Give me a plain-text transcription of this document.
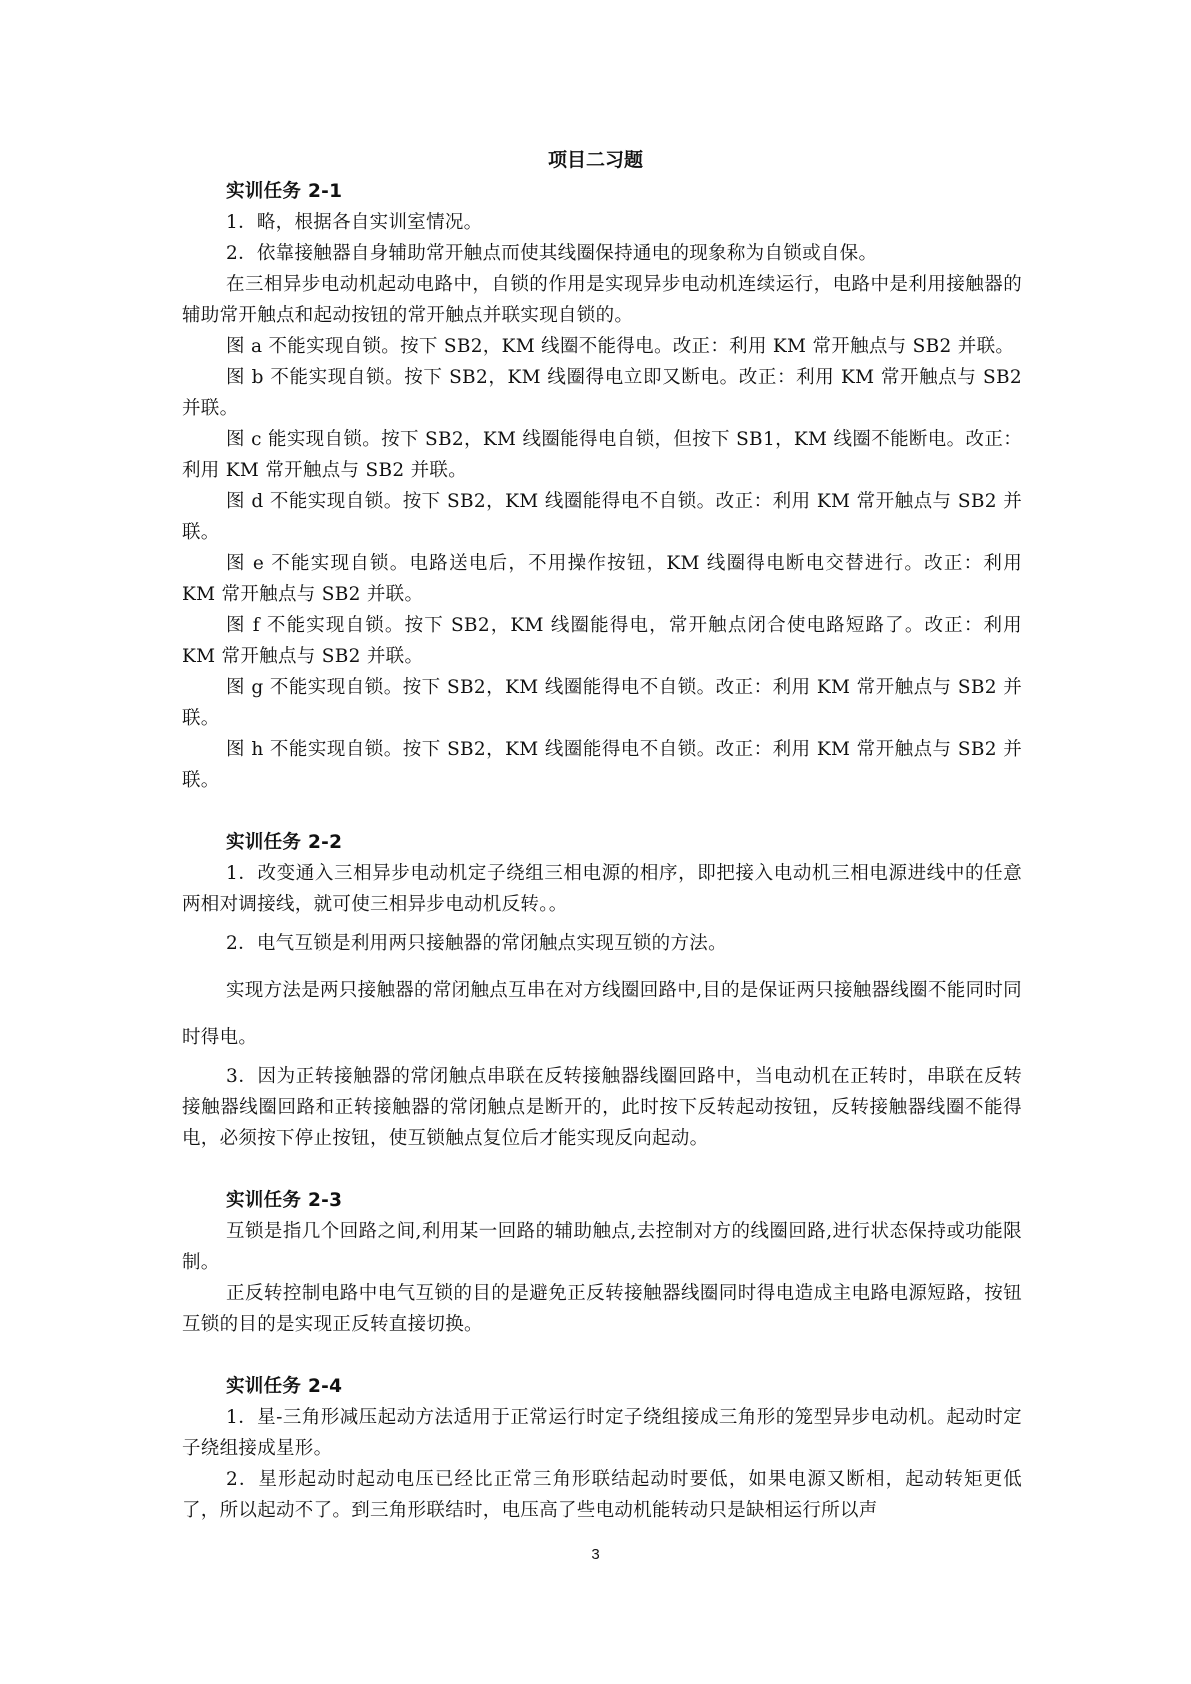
项目二习题

实训任务 2-1

1．略，根据各自实训室情况。

2．依靠接触器自身辅助常开触点而使其线圈保持通电的现象称为自锁或自保。

在三相异步电动机起动电路中，自锁的作用是实现异步电动机连续运行，电路中是利用接触器的辅助常开触点和起动按钮的常开触点并联实现自锁的。

图 a 不能实现自锁。按下 SB2，KM 线圈不能得电。改正：利用 KM 常开触点与 SB2 并联。

图 b 不能实现自锁。按下 SB2，KM 线圈得电立即又断电。改正：利用 KM 常开触点与 SB2 并联。

图 c 能实现自锁。按下 SB2，KM 线圈能得电自锁，但按下 SB1，KM 线圈不能断电。改正：利用 KM 常开触点与 SB2 并联。

图 d 不能实现自锁。按下 SB2，KM 线圈能得电不自锁。改正：利用 KM 常开触点与 SB2 并联。

图 e 不能实现自锁。电路送电后，不用操作按钮，KM 线圈得电断电交替进行。改正：利用 KM 常开触点与 SB2 并联。

图 f 不能实现自锁。按下 SB2，KM 线圈能得电，常开触点闭合使电路短路了。改正：利用 KM 常开触点与 SB2 并联。

图 g 不能实现自锁。按下 SB2，KM 线圈能得电不自锁。改正：利用 KM 常开触点与 SB2 并联。

图 h 不能实现自锁。按下 SB2，KM 线圈能得电不自锁。改正：利用 KM 常开触点与 SB2 并联。

实训任务 2-2

1．改变通入三相异步电动机定子绕组三相电源的相序，即把接入电动机三相电源进线中的任意两相对调接线，就可使三相异步电动机反转。。

2．电气互锁是利用两只接触器的常闭触点实现互锁的方法。

实现方法是两只接触器的常闭触点互串在对方线圈回路中,目的是保证两只接触器线圈不能同时同时得电。

3．因为正转接触器的常闭触点串联在反转接触器线圈回路中，当电动机在正转时，串联在反转接触器线圈回路和正转接触器的常闭触点是断开的，此时按下反转起动按钮，反转接触器线圈不能得电，必须按下停止按钮，使互锁触点复位后才能实现反向起动。

实训任务 2-3

互锁是指几个回路之间,利用某一回路的辅助触点,去控制对方的线圈回路,进行状态保持或功能限制。

正反转控制电路中电气互锁的目的是避免正反转接触器线圈同时得电造成主电路电源短路，按钮互锁的目的是实现正反转直接切换。

实训任务 2-4

1．星-三角形减压起动方法适用于正常运行时定子绕组接成三角形的笼型异步电动机。起动时定子绕组接成星形。

2．星形起动时起动电压已经比正常三角形联结起动时要低，如果电源又断相，起动转矩更低了，所以起动不了。到三角形联结时，电压高了些电动机能转动只是缺相运行所以声

3
